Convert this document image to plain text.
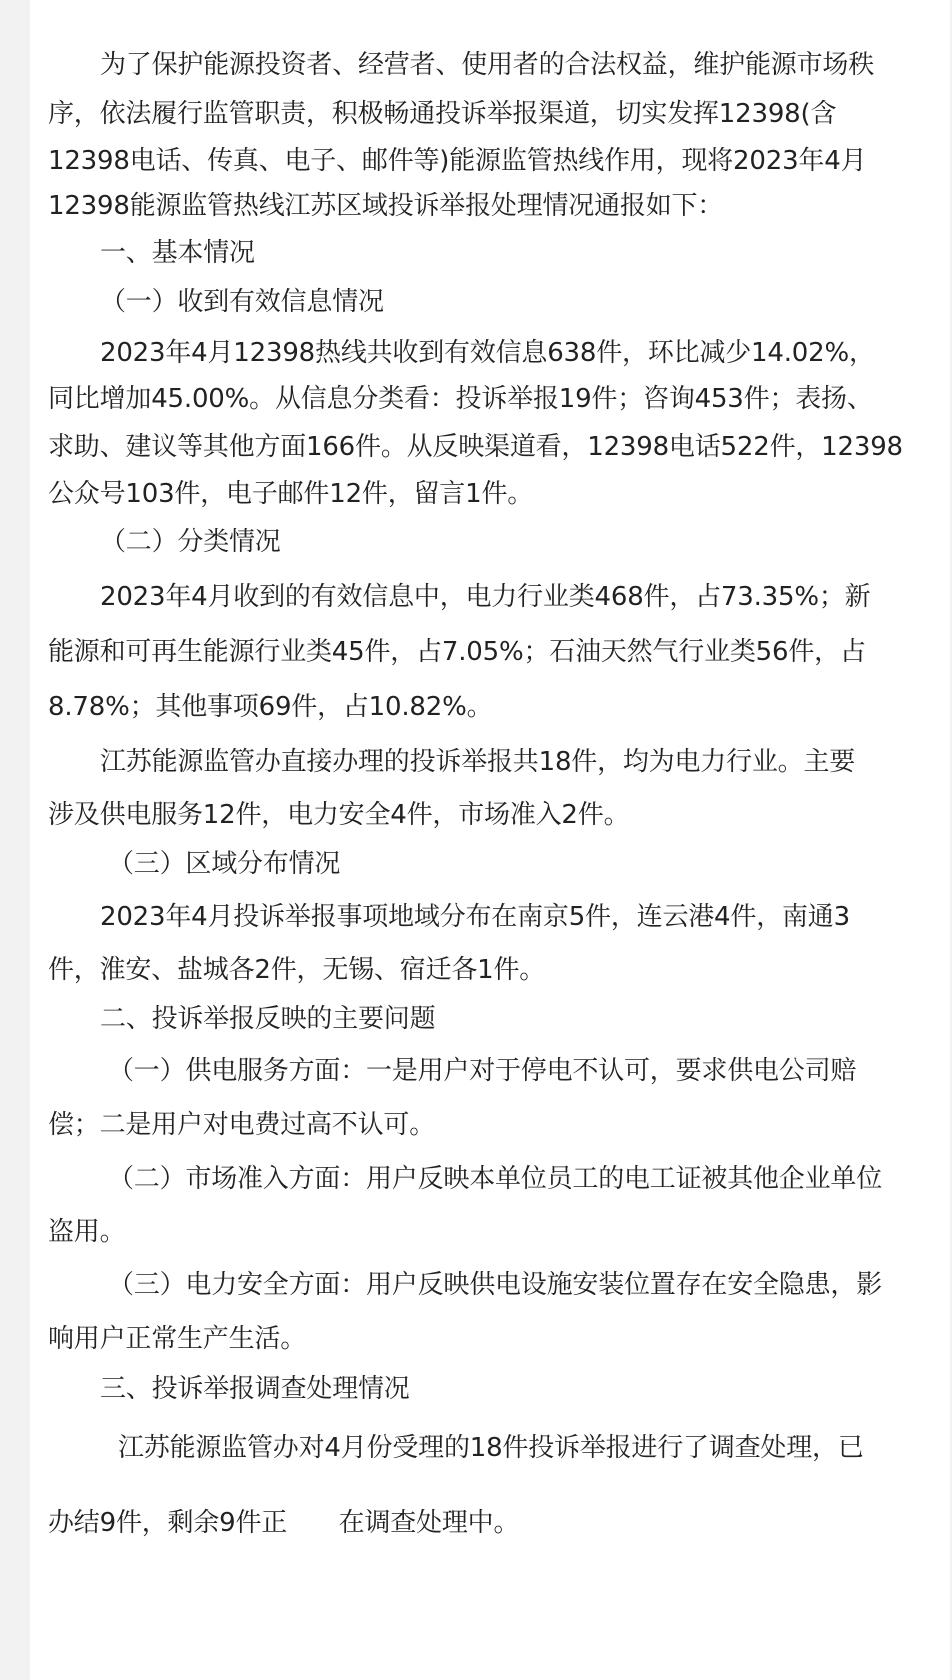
为了保护能源投资者、经营者、使用者的合法权益，维护能源市场秩
序，依法履行监管职责，积极畅通投诉举报渠道，切实发挥12398(含
12398电话、传真、电子、邮件等)能源监管热线作用，现将2023年4月
12398能源监管热线江苏区域投诉举报处理情况通报如下：
一、基本情况
（一）收到有效信息情况
2023年4月12398热线共收到有效信息638件，环比减少14.02%，
同比增加45.00%。从信息分类看：投诉举报19件；咨询453件；表扬、
求助、建议等其他方面166件。从反映渠道看，12398电话522件，12398
公众号103件，电子邮件12件，留言1件。
（二）分类情况
2023年4月收到的有效信息中，电力行业类468件，占73.35%；新
能源和可再生能源行业类45件，占7.05%；石油天然气行业类56件，占
8.78%；其他事项69件，占10.82%。
江苏能源监管办直接办理的投诉举报共18件，均为电力行业。主要
涉及供电服务12件，电力安全4件，市场准入2件。
（三）区域分布情况
2023年4月投诉举报事项地域分布在南京5件，连云港4件，南通3
件，淮安、盐城各2件，无锡、宿迁各1件。
二、投诉举报反映的主要问题
（一）供电服务方面：一是用户对于停电不认可，要求供电公司赔
偿；二是用户对电费过高不认可。
（二）市场准入方面：用户反映本单位员工的电工证被其他企业单位
盗用。
（三）电力安全方面：用户反映供电设施安装位置存在安全隐患，影
响用户正常生产生活。
三、投诉举报调查处理情况
江苏能源监管办对4月份受理的18件投诉举报进行了调查处理，已
办结9件，剩余9件正　　在调查处理中。
